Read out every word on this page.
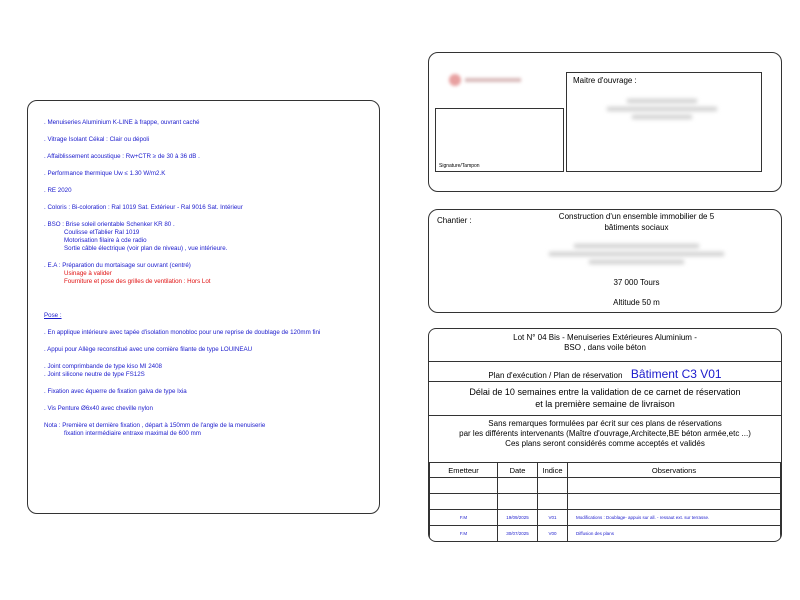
. Menuiseries Aluminium K-LINE à frappe, ouvrant caché
. Vitrage Isolant Cékal : Clair ou dépoli
. Affaiblissement acoustique : Rw+CTR ≥ de 30 à 36 dB .
. Performance thermique Uw ≤ 1.30 W/m2.K
. RE 2020
. Coloris : Bi-coloration : Ral 1019 Sat. Extérieur - Ral 9016 Sat. Intérieur
. BSO : Brise soleil orientable Schenker KR 80 .
Coulisse etTablier Ral 1019
Motorisation filaire à cde radio
Sortie câble électrique (voir plan de niveau) , vue intérieure.
. E.A : Préparation du mortaisage sur ouvrant (centré)
Usinage à valider
Fourniture et pose des grilles de ventilation : Hors Lot
Pose :
. En applique intérieure avec tapée d'isolation monobloc pour une reprise de doublage de 120mm fini
. Appui pour Allège reconstitué avec une cornière filante de type LOUINEAU
. Joint comprimbande de type kiso MI 2408
. Joint silicone neutre de type FS12S
. Fixation avec équerre de fixation galva de type Ixia
. Vis Penture Ø6x40 avec cheville nylon
Nota : Première et dernière fixation , départ à 150mm de l'angle de la menuiserie
fixation intermédiaire entraxe maximal de 600 mm
Signature/Tampon
Maitre d'ouvrage :
Chantier :	Construction d'un ensemble immobilier de 5
bâtiments sociaux
37 000 Tours
Altitude 50 m
Lot N° 04 Bis - Menuiseries Extérieures Aluminium -
BSO , dans voile béton
Plan d'exécution / Plan de réservation Bâtiment C3 V01
Délai de 10 semaines entre la validation de ce carnet de réservation
et la première semaine de livraison
Sans remarques formulées par écrit sur ces plans de réservations
par les différents intervenants (Maître d'ouvrage,Architecte,BE béton armée,etc ...)
Ces plans seront considérés comme acceptés et validés
Emetteur	Date	Indice	Observations

F.M	19/09/2025	V01	Modifications : Doublage- appuis sur all. - ressaut ext. sur terrasse.
F.M	30/07/2025	V00	Diffusion des plans
